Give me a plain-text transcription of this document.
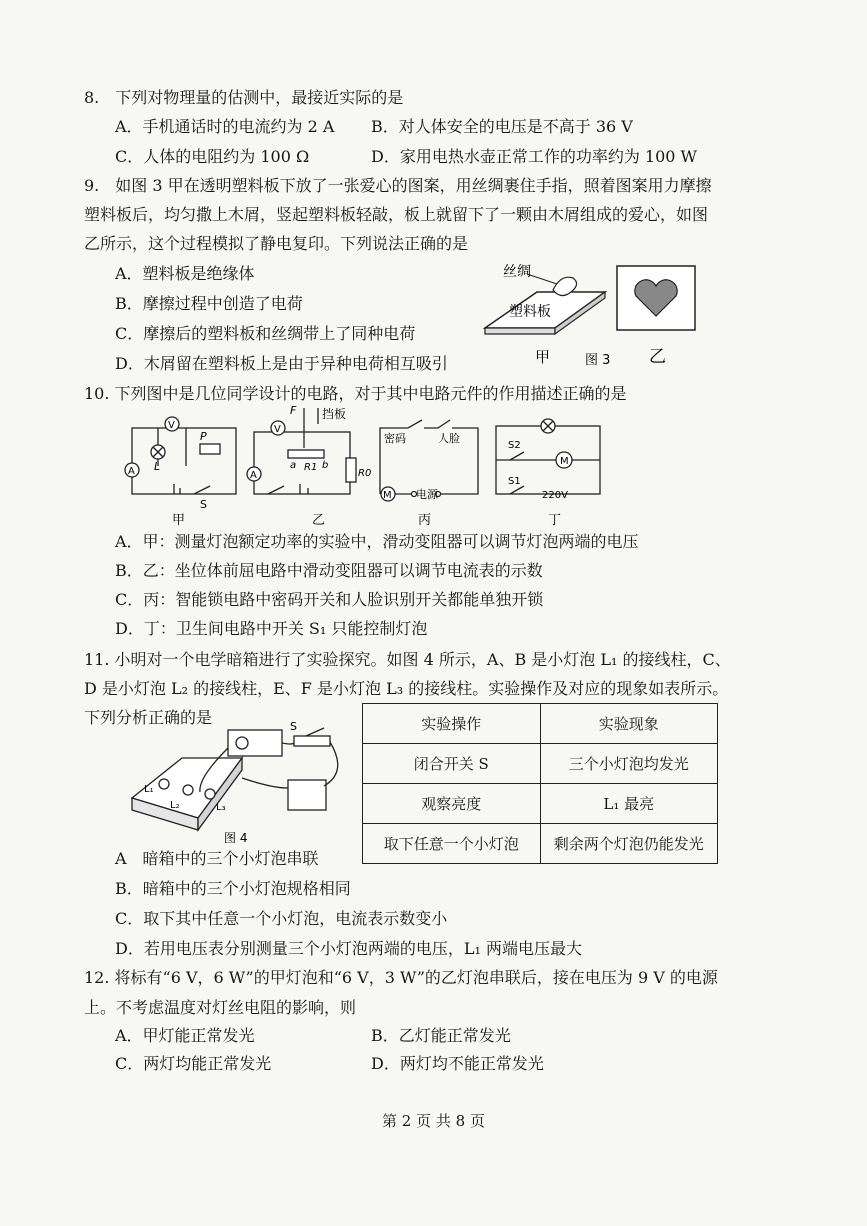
8.　下列对物理量的估测中，最接近实际的是
A．手机通话时的电流约为 2 A B．对人体安全的电压是不高于 36 V
C．人体的电阻约为 100 Ω	D．家用电热水壶正常工作的功率约为 100 W
9.　如图 3 甲在透明塑料板下放了一张爱心的图案，用丝绸裹住手指，照着图案用力摩擦
塑料板后，均匀撒上木屑，竖起塑料板轻敲，板上就留下了一颗由木屑组成的爱心，如图
乙所示，这个过程模拟了静电复印。下列说法正确的是
A．塑料板是绝缘体
B．摩擦过程中创造了电荷
C．摩擦后的塑料板和丝绸带上了同种电荷
D．木屑留在塑料板上是由于异种电荷相互吸引
丝绸
塑料板
甲	图 3 乙
10. 下列图中是几位同学设计的电路，对于其中电路元件的作用描述正确的是
V
A L
P
S
甲
V
A
F 挡板
a R1 b
R0
乙
密码	人脸
M 电源
丙
M
S2
S1
220V
丁
A．甲：测量灯泡额定功率的实验中，滑动变阻器可以调节灯泡两端的电压
B．乙：坐位体前屈电路中滑动变阻器可以调节电流表的示数
C．丙：智能锁电路中密码开关和人脸识别开关都能单独开锁
D．丁：卫生间电路中开关 S₁ 只能控制灯泡
11. 小明对一个电学暗箱进行了实验探究。如图 4 所示，A、B 是小灯泡 L₁ 的接线柱，C、
D 是小灯泡 L₂ 的接线柱，E、F 是小灯泡 L₃ 的接线柱。实验操作及对应的现象如表所示。
下列分析正确的是	S
L₁
L₂	L₃
图 4
实验操作	实验现象
闭合开关 S	三个小灯泡均发光
观察亮度	L₁ 最亮
取下任意一个小灯泡	剩余两个灯泡仍能发光
A　暗箱中的三个小灯泡串联
B．暗箱中的三个小灯泡规格相同
C．取下其中任意一个小灯泡，电流表示数变小
D．若用电压表分别测量三个小灯泡两端的电压，L₁ 两端电压最大
12. 将标有“6 V，6 W”的甲灯泡和“6 V，3 W”的乙灯泡串联后，接在电压为 9 V 的电源
上。不考虑温度对灯丝电阻的影响，则
A．甲灯能正常发光	B．乙灯能正常发光
C．两灯均能正常发光	D．两灯均不能正常发光
第 2 页 共 8 页
